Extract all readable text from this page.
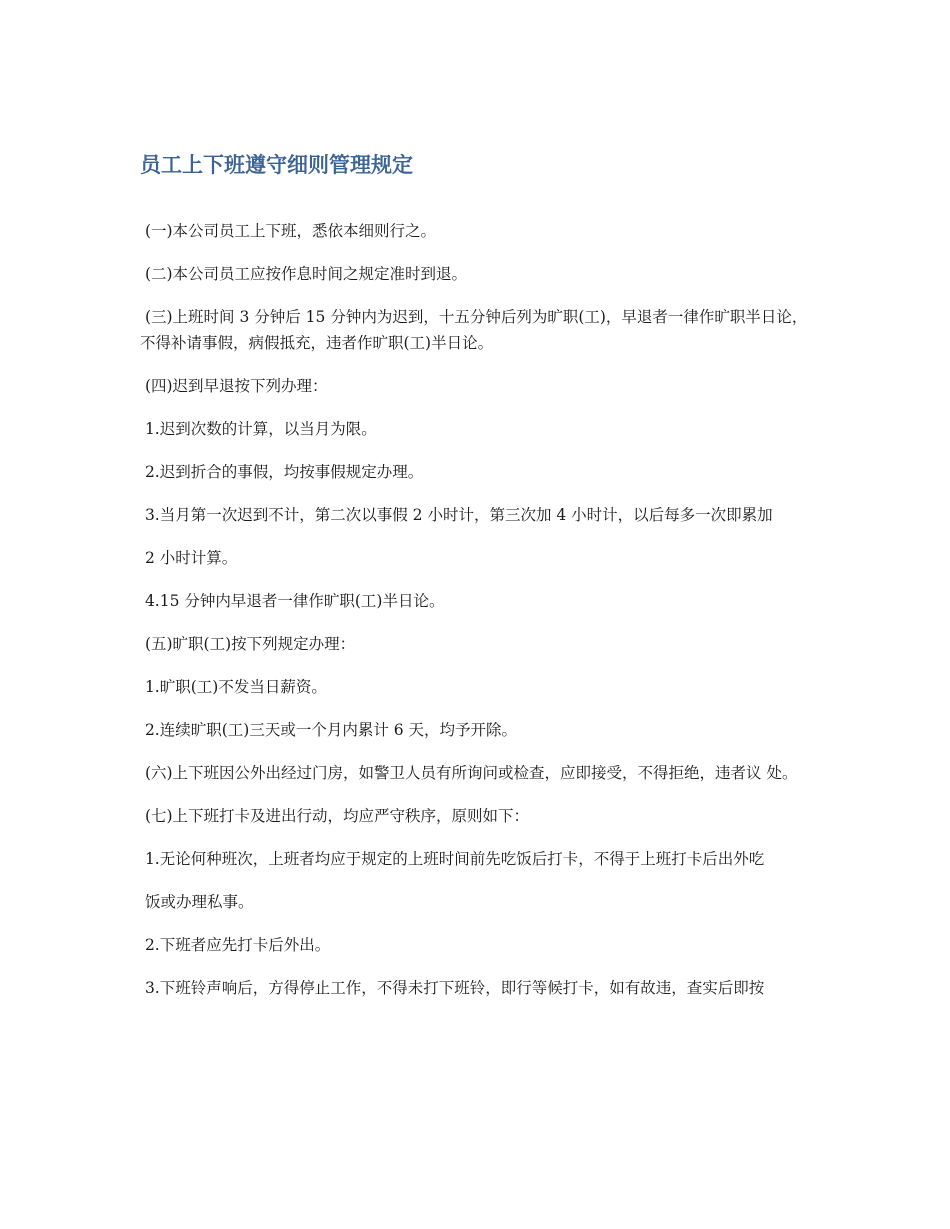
员工上下班遵守细则管理规定

(一)本公司员工上下班，悉依本细则行之。

(二)本公司员工应按作息时间之规定准时到退。

(三)上班时间 3 分钟后 15 分钟内为迟到，十五分钟后列为旷职(工)，早退者一律作旷职半日论，不得补请事假，病假抵充，违者作旷职(工)半日论。

(四)迟到早退按下列办理：

1.迟到次数的计算，以当月为限。

2.迟到折合的事假，均按事假规定办理。

3.当月第一次迟到不计，第二次以事假 2 小时计，第三次加 4 小时计，以后每多一次即累加

2 小时计算。

4.15 分钟内早退者一律作旷职(工)半日论。

(五)旷职(工)按下列规定办理：

1.旷职(工)不发当日薪资。

2.连续旷职(工)三天或一个月内累计 6 天，均予开除。

(六)上下班因公外出经过门房，如警卫人员有所询问或检查，应即接受，不得拒绝，违者议 处。

(七)上下班打卡及进出行动，均应严守秩序，原则如下：

1.无论何种班次，上班者均应于规定的上班时间前先吃饭后打卡，不得于上班打卡后出外吃

饭或办理私事。

2.下班者应先打卡后外出。

3.下班铃声响后，方得停止工作，不得未打下班铃，即行等候打卡，如有故违，查实后即按
